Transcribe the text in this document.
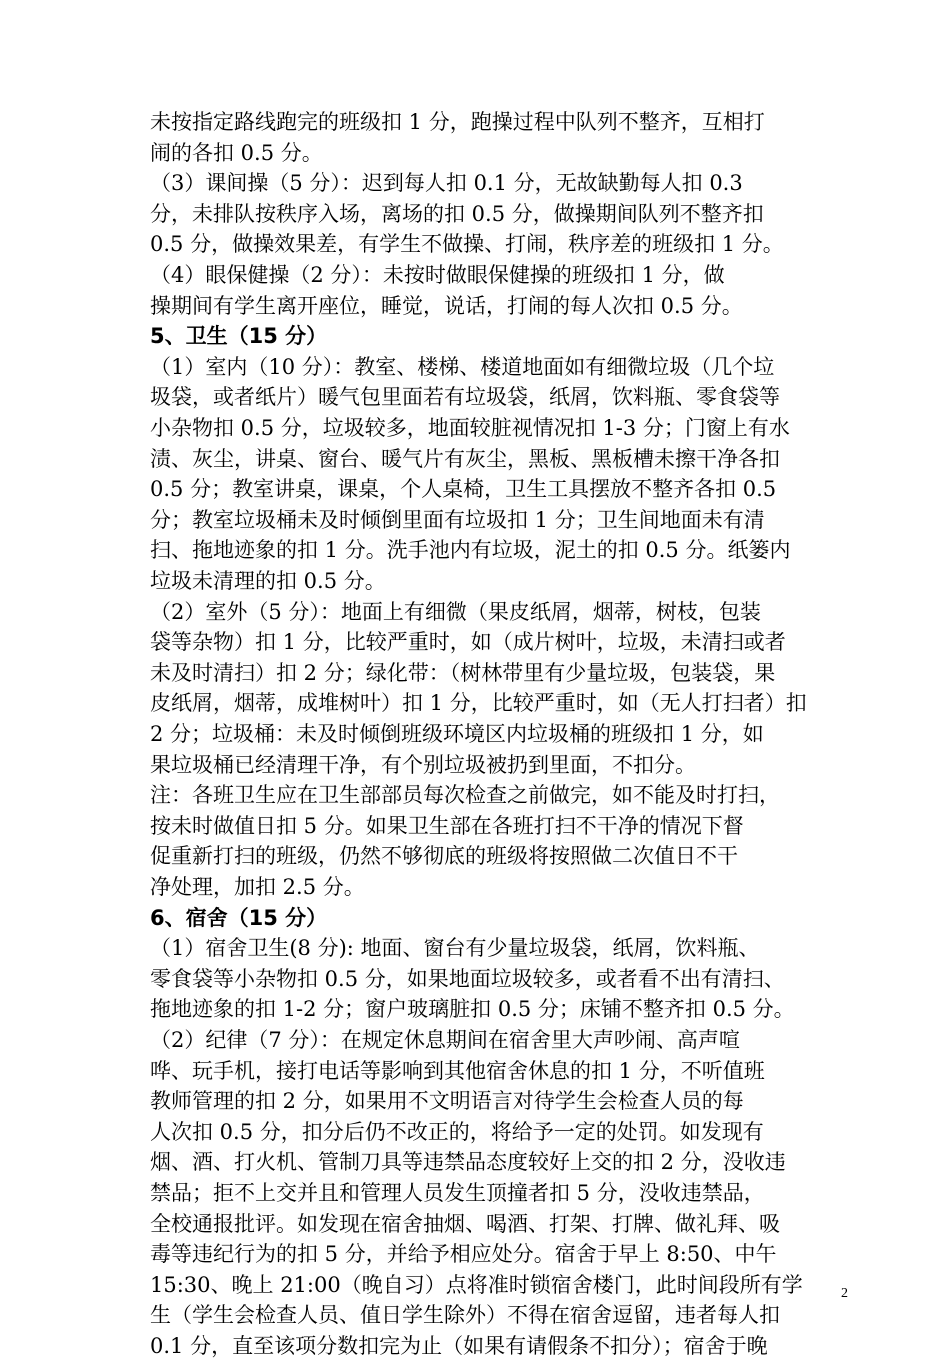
未按指定路线跑完的班级扣 1 分，跑操过程中队列不整齐，互相打
闹的各扣 0.5 分。
（3）课间操（5 分）：迟到每人扣 0.1 分，无故缺勤每人扣 0.3
分，未排队按秩序入场，离场的扣 0.5 分，做操期间队列不整齐扣
0.5 分，做操效果差，有学生不做操、打闹，秩序差的班级扣 1 分。
（4）眼保健操（2 分）：未按时做眼保健操的班级扣 1 分，做
操期间有学生离开座位，睡觉，说话，打闹的每人次扣 0.5 分。
5、卫生（15 分）
（1）室内（10 分）：教室、楼梯、楼道地面如有细微垃圾（几个垃
圾袋，或者纸片）暖气包里面若有垃圾袋，纸屑，饮料瓶、零食袋等
小杂物扣 0.5 分，垃圾较多，地面较脏视情况扣 1-3 分；门窗上有水
渍、灰尘，讲桌、窗台、暖气片有灰尘，黑板、黑板槽未擦干净各扣
0.5 分；教室讲桌，课桌，个人桌椅，卫生工具摆放不整齐各扣 0.5
分；教室垃圾桶未及时倾倒里面有垃圾扣 1 分；卫生间地面未有清
扫、拖地迹象的扣 1 分。洗手池内有垃圾，泥土的扣 0.5 分。纸篓内
垃圾未清理的扣 0.5 分。
（2）室外（5 分）：地面上有细微（果皮纸屑，烟蒂，树枝，包装
袋等杂物）扣 1 分，比较严重时，如（成片树叶，垃圾，未清扫或者
未及时清扫）扣 2 分；绿化带：（树林带里有少量垃圾，包装袋，果
皮纸屑，烟蒂，成堆树叶）扣 1 分，比较严重时，如（无人打扫者）扣
2 分；垃圾桶：未及时倾倒班级环境区内垃圾桶的班级扣 1 分，如
果垃圾桶已经清理干净，有个别垃圾被扔到里面，不扣分。
注：各班卫生应在卫生部部员每次检查之前做完，如不能及时打扫，
按未时做值日扣 5 分。如果卫生部在各班打扫不干净的情况下督
促重新打扫的班级，仍然不够彻底的班级将按照做二次值日不干
净处理，加扣 2.5 分。
6、宿舍（15 分）
（1）宿舍卫生(8 分): 地面、窗台有少量垃圾袋，纸屑，饮料瓶、
零食袋等小杂物扣 0.5 分，如果地面垃圾较多，或者看不出有清扫、
拖地迹象的扣 1-2 分；窗户玻璃脏扣 0.5 分；床铺不整齐扣 0.5 分。
（2）纪律（7 分）：在规定休息期间在宿舍里大声吵闹、高声喧
哗、玩手机，接打电话等影响到其他宿舍休息的扣 1 分，不听值班
教师管理的扣 2 分，如果用不文明语言对待学生会检查人员的每
人次扣 0.5 分，扣分后仍不改正的，将给予一定的处罚。如发现有
烟、酒、打火机、管制刀具等违禁品态度较好上交的扣 2 分，没收违
禁品；拒不上交并且和管理人员发生顶撞者扣 5 分，没收违禁品，
全校通报批评。如发现在宿舍抽烟、喝酒、打架、打牌、做礼拜、吸
毒等违纪行为的扣 5 分，并给予相应处分。宿舍于早上 8:50、中午
15:30、晚上 21:00（晚自习）点将准时锁宿舍楼门，此时间段所有学
生（学生会检查人员、值日学生除外）不得在宿舍逗留，违者每人扣
0.1 分，直至该项分数扣完为止（如果有请假条不扣分）；宿舍于晚
2
